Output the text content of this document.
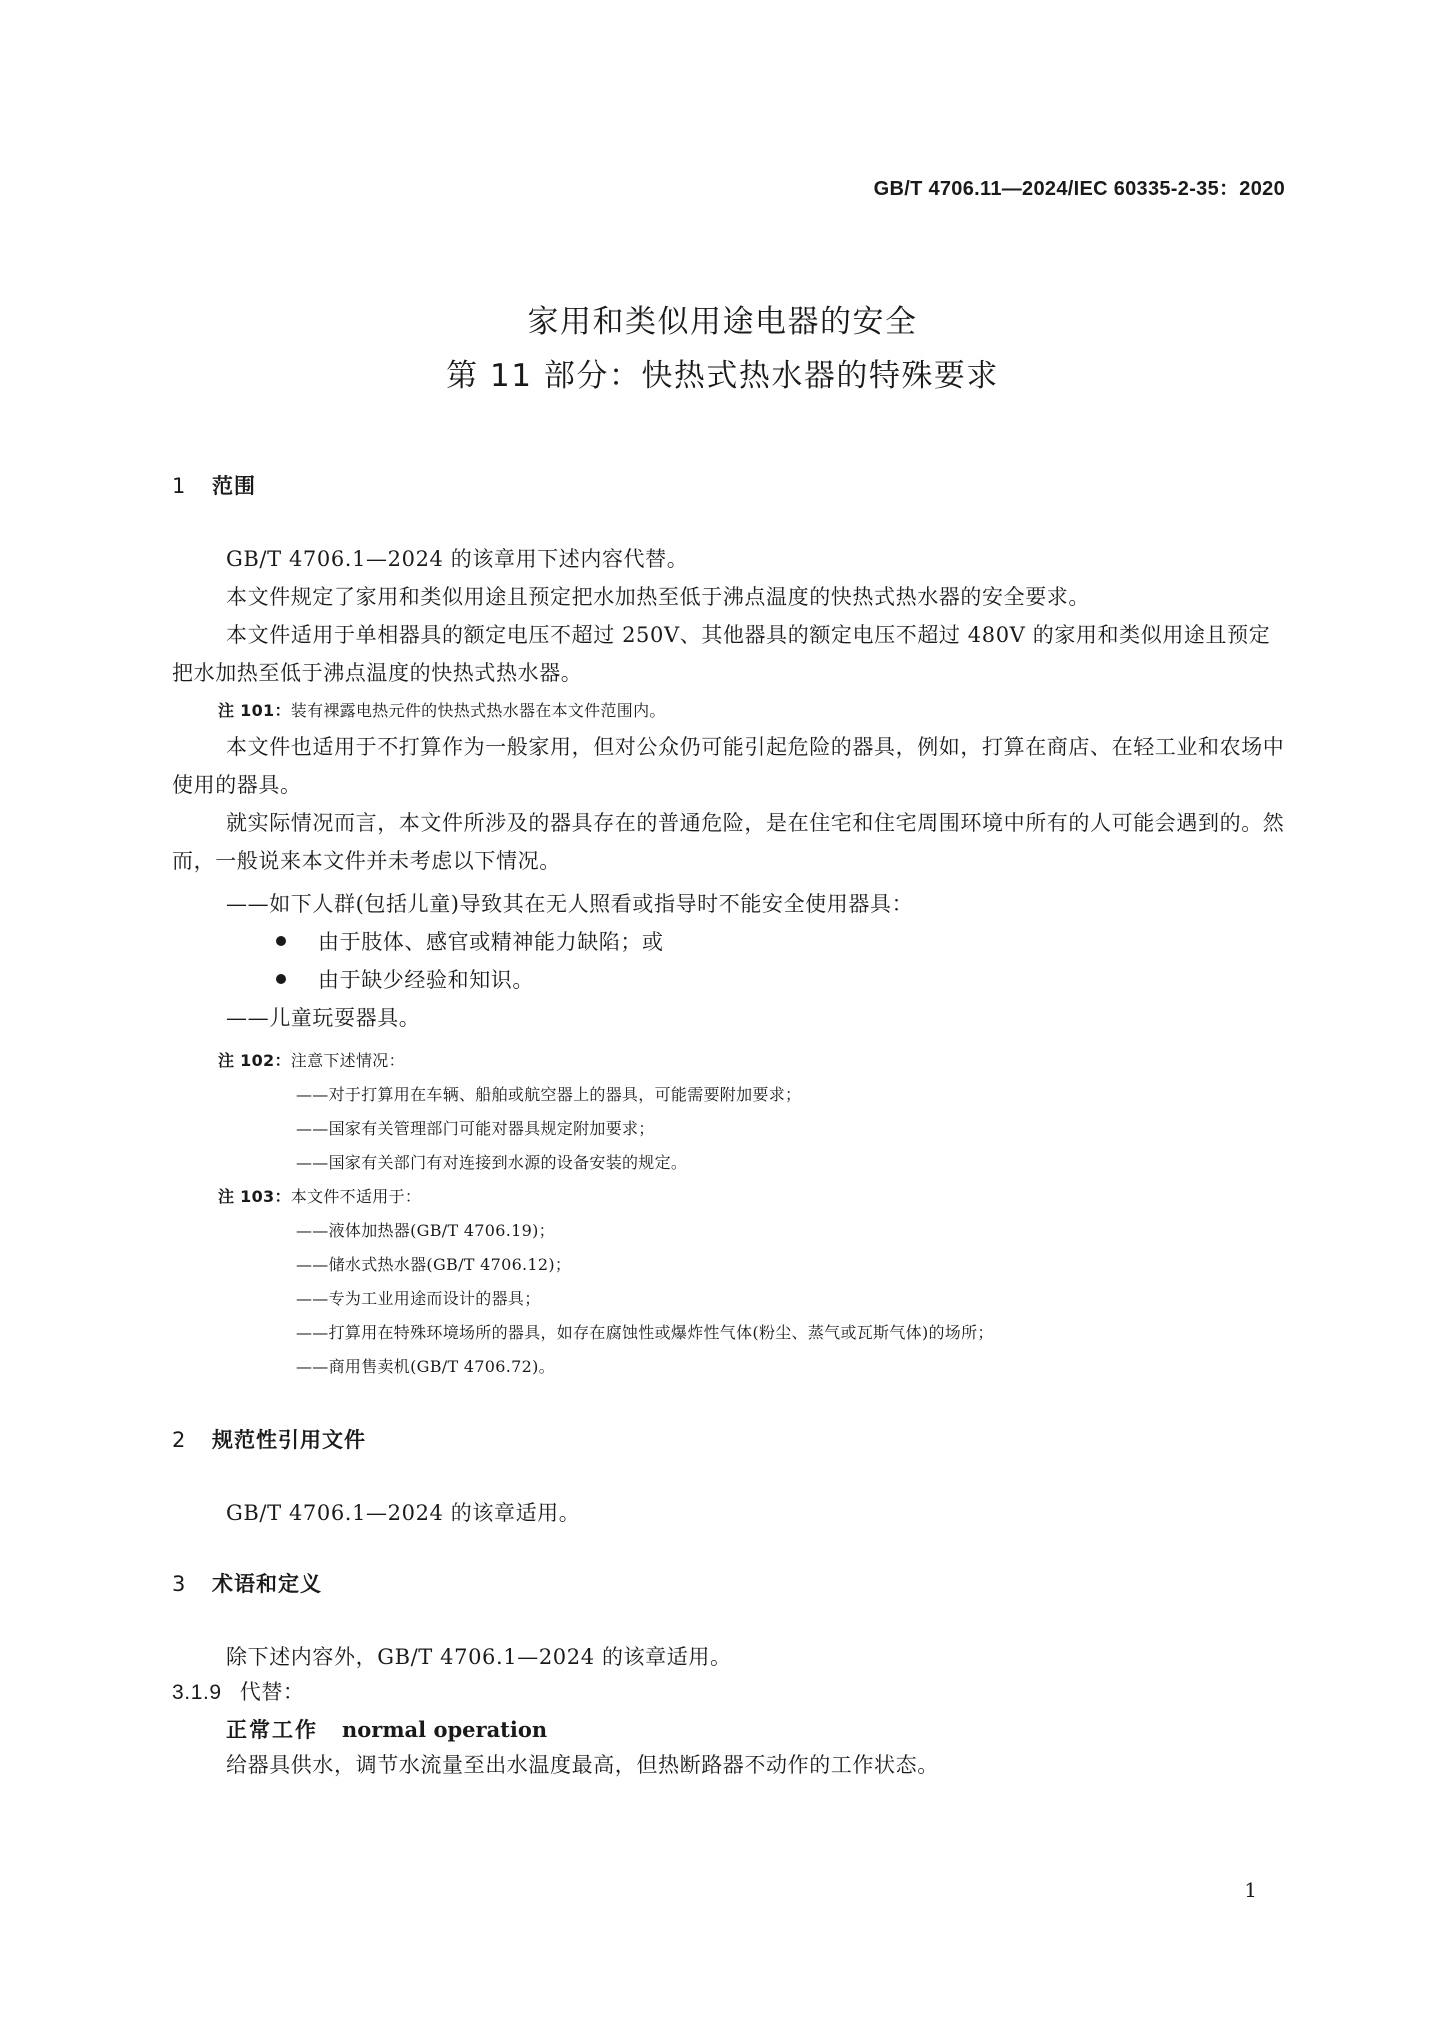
GB/T 4706.11—2024/IEC 60335-2-35：2020
家用和类似用途电器的安全
第 11 部分：快热式热水器的特殊要求
1 范围
GB/T 4706.1—2024 的该章用下述内容代替。
本文件规定了家用和类似用途且预定把水加热至低于沸点温度的快热式热水器的安全要求。
本文件适用于单相器具的额定电压不超过 250V、其他器具的额定电压不超过 480V 的家用和类似用途且预定把水加热至低于沸点温度的快热式热水器。
注 101：装有裸露电热元件的快热式热水器在本文件范围内。
本文件也适用于不打算作为一般家用，但对公众仍可能引起危险的器具，例如，打算在商店、在轻工业和农场中使用的器具。
就实际情况而言，本文件所涉及的器具存在的普通危险，是在住宅和住宅周围环境中所有的人可能会遇到的。然而，一般说来本文件并未考虑以下情况。
——如下人群(包括儿童)导致其在无人照看或指导时不能安全使用器具：
由于肢体、感官或精神能力缺陷；或
由于缺少经验和知识。
——儿童玩耍器具。
注 102：注意下述情况：
——对于打算用在车辆、船舶或航空器上的器具，可能需要附加要求；
——国家有关管理部门可能对器具规定附加要求；
——国家有关部门有对连接到水源的设备安装的规定。
注 103：本文件不适用于：
——液体加热器(GB/T 4706.19)；
——储水式热水器(GB/T 4706.12)；
——专为工业用途而设计的器具；
——打算用在特殊环境场所的器具，如存在腐蚀性或爆炸性气体(粉尘、蒸气或瓦斯气体)的场所；
——商用售卖机(GB/T 4706.72)。
2 规范性引用文件
GB/T 4706.1—2024 的该章适用。
3 术语和定义
除下述内容外，GB/T 4706.1—2024 的该章适用。
3.1.9 代替：
正常工作 normal operation
给器具供水，调节水流量至出水温度最高，但热断路器不动作的工作状态。
1
